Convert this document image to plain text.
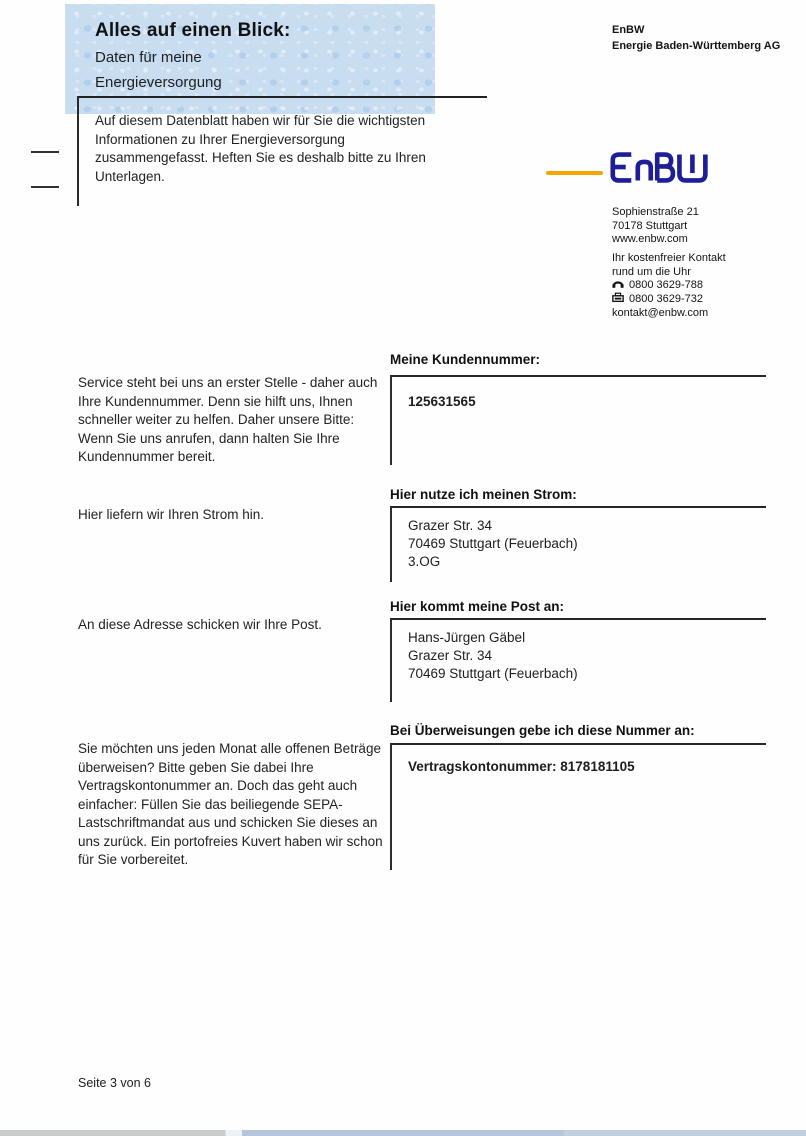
Alles auf einen Blick:
Daten für meine
Energieversorgung
Auf diesem Datenblatt haben wir für Sie die wichtigsten Informationen zu Ihrer Energieversorgung zusammengefasst. Heften Sie es deshalb bitte zu Ihren Unterlagen.
EnBW
Energie Baden-Württemberg AG
Sophienstraße 21
70178 Stuttgart
www.enbw.com
Ihr kostenfreier Kontakt
rund um die Uhr
0800 3629-788
0800 3629-732
kontakt@enbw.com
Service steht bei uns an erster Stelle - daher auch Ihre Kundennummer. Denn sie hilft uns, Ihnen schneller weiter zu helfen. Daher unsere Bitte: Wenn Sie uns anrufen, dann halten Sie Ihre Kundennummer bereit.
Meine Kundennummer:
125631565
Hier liefern wir Ihren Strom hin.
Hier nutze ich meinen Strom:
Grazer Str. 34
70469 Stuttgart (Feuerbach)
3.OG
An diese Adresse schicken wir Ihre Post.
Hier kommt meine Post an:
Hans-Jürgen Gäbel
Grazer Str. 34
70469 Stuttgart (Feuerbach)
Sie möchten uns jeden Monat alle offenen Beträge überweisen? Bitte geben Sie dabei Ihre Vertragskontonummer an. Doch das geht auch einfacher: Füllen Sie das beiliegende SEPA-Lastschriftmandat aus und schicken Sie dieses an uns zurück. Ein portofreies Kuvert haben wir schon für Sie vorbereitet.
Bei Überweisungen gebe ich diese Nummer an:
Vertragskontonummer: 8178181105
Seite 3 von 6
